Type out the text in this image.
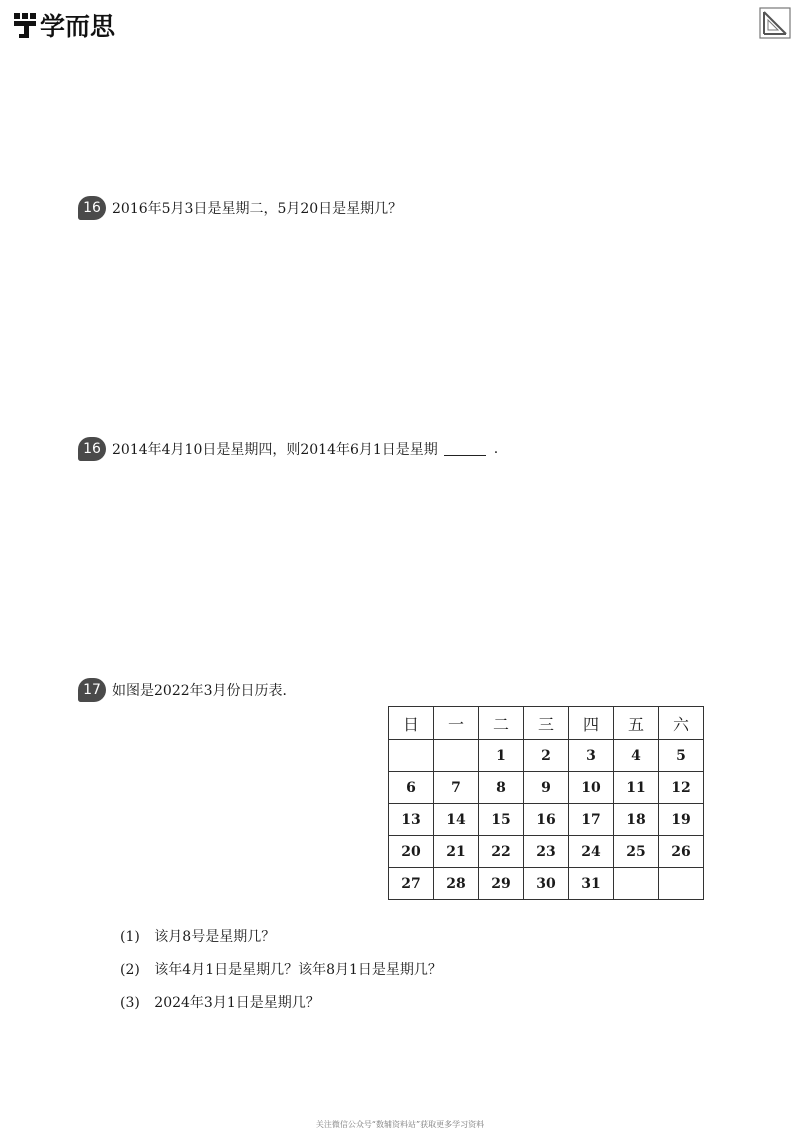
学而思
16 2016年5月3日是星期二，5月20日是星期几？
16 2014年4月10日是星期四，则2014年6月1日是星期	.
17 如图是2022年3月份日历表．
日	一	二	三	四	五	六
		1	2	3	4	5
6	7	8	9	10	11	12
13	14	15	16	17	18	19
20	21	22	23	24	25	26
27	28	29	30	31		
(1) 该月8号是星期几？
(2) 该年4月1日是星期几？该年8月1日是星期几？
(3) 2024年3月1日是星期几？
关注微信公众号“数辅资料站”获取更多学习资料
